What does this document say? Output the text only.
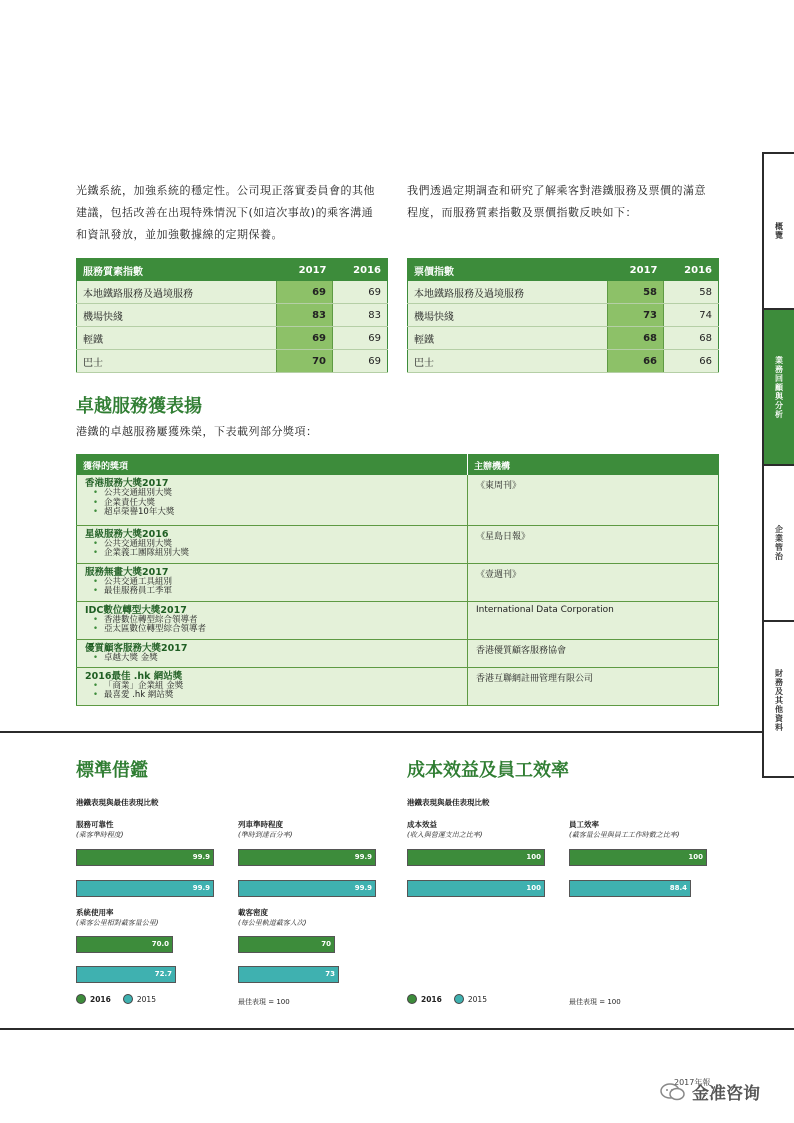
光鐵系統，加強系統的穩定性。公司現正落實委員會的其他
建議，包括改善在出現特殊情況下(如這次事故)的乘客溝通
和資訊發放，並加強數據線的定期保養。
我們透過定期調查和研究了解乘客對港鐵服務及票價的滿意
程度，而服務質素指數及票價指數反映如下：
服務質素指數	2017	2016
本地鐵路服務及過境服務	69	69
機場快綫	83	83
輕鐵	69	69
巴士	70	69
票價指數	2017	2016
本地鐵路服務及過境服務	58	58
機場快綫	73	74
輕鐵	68	68
巴士	66	66
卓越服務獲表揚
港鐵的卓越服務屢獲殊榮，下表載列部分獎項：
獲得的獎項	主辦機構

香港服務大獎2017
• 公共交通組別大獎
• 企業責任大獎
• 超卓榮譽10年大獎	《東周刊》

星級服務大獎2016
• 公共交通組別大獎
• 企業義工團隊組別大獎	《星島日報》

服務無畫大獎2017
• 公共交通工具組別
• 最佳服務員工季軍	《壹週刊》

IDC數位轉型大獎2017
• 香港數位轉型綜合領導者
• 亞太區數位轉型綜合領導者	International Data Corporation

優質顧客服務大獎2017
• 卓越大獎 金獎	香港優質顧客服務協會

2016最佳 .hk 網站獎
• 「商業」企業組 金獎
• 最喜愛 .hk 網站獎	香港互聯網註冊管理有限公司
概覽
業務回顧與分析
企業管治
財務及其他資料
標準借鑑
港鐵表現與最佳表現比較
成本效益及員工效率
港鐵表現與最佳表現比較
服務可靠性
(乘客準時程度)
99.9
99.9
列車準時程度
(準時到達百分率)
99.9
99.9
系統使用率
(乘客公里相對載客量公里)
70.0
72.7
載客密度
(每公里軌道載客人次)
70
73
成本效益
(收入與營運支出之比率)
100
100
員工效率
(載客量公里與員工工作時數之比率)
100
88.4
2016	2015	最佳表現 = 100	2016	2015	最佳表現 = 100
2017年報
金准咨询
